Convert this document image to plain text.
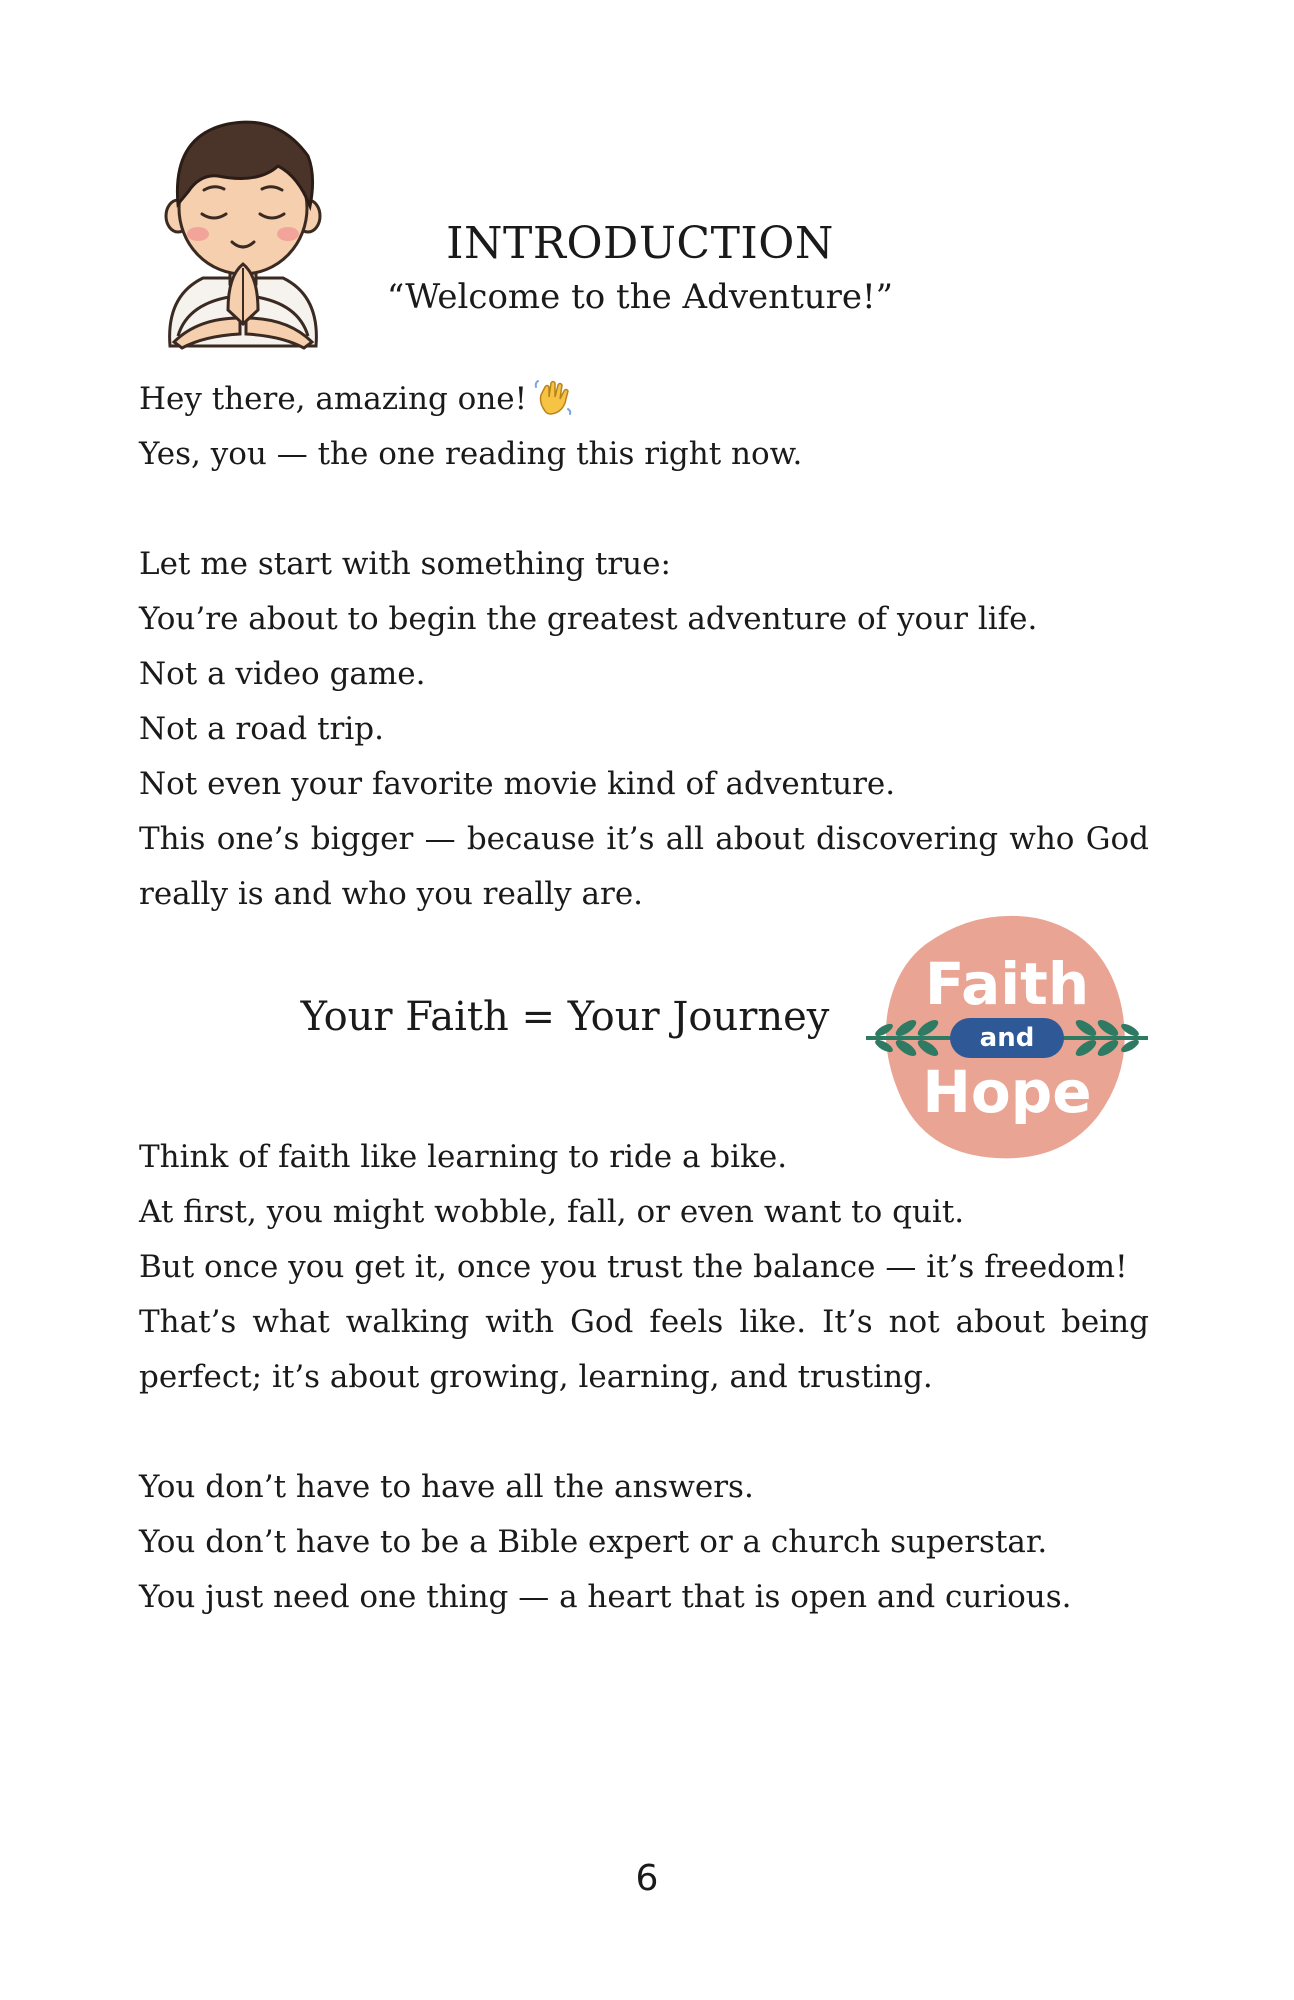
INTRODUCTION
“Welcome to the Adventure!”
Hey there, amazing one!
Yes, you — the one reading this right now.
Let me start with something true:
You’re about to begin the greatest adventure of your life.
Not a video game.
Not a road trip.
Not even your favorite movie kind of adventure.
This one’s bigger — because it’s all about discovering who God
really is and who you really are.
Your Faith = Your Journey	and
Faith
Hope
Think of faith like learning to ride a bike.
At first, you might wobble, fall, or even want to quit.
But once you get it, once you trust the balance — it’s freedom!
That’s what walking with God feels like. It’s not about being
perfect; it’s about growing, learning, and trusting.
You don’t have to have all the answers.
You don’t have to be a Bible expert or a church superstar.
You just need one thing — a heart that is open and curious.
6
